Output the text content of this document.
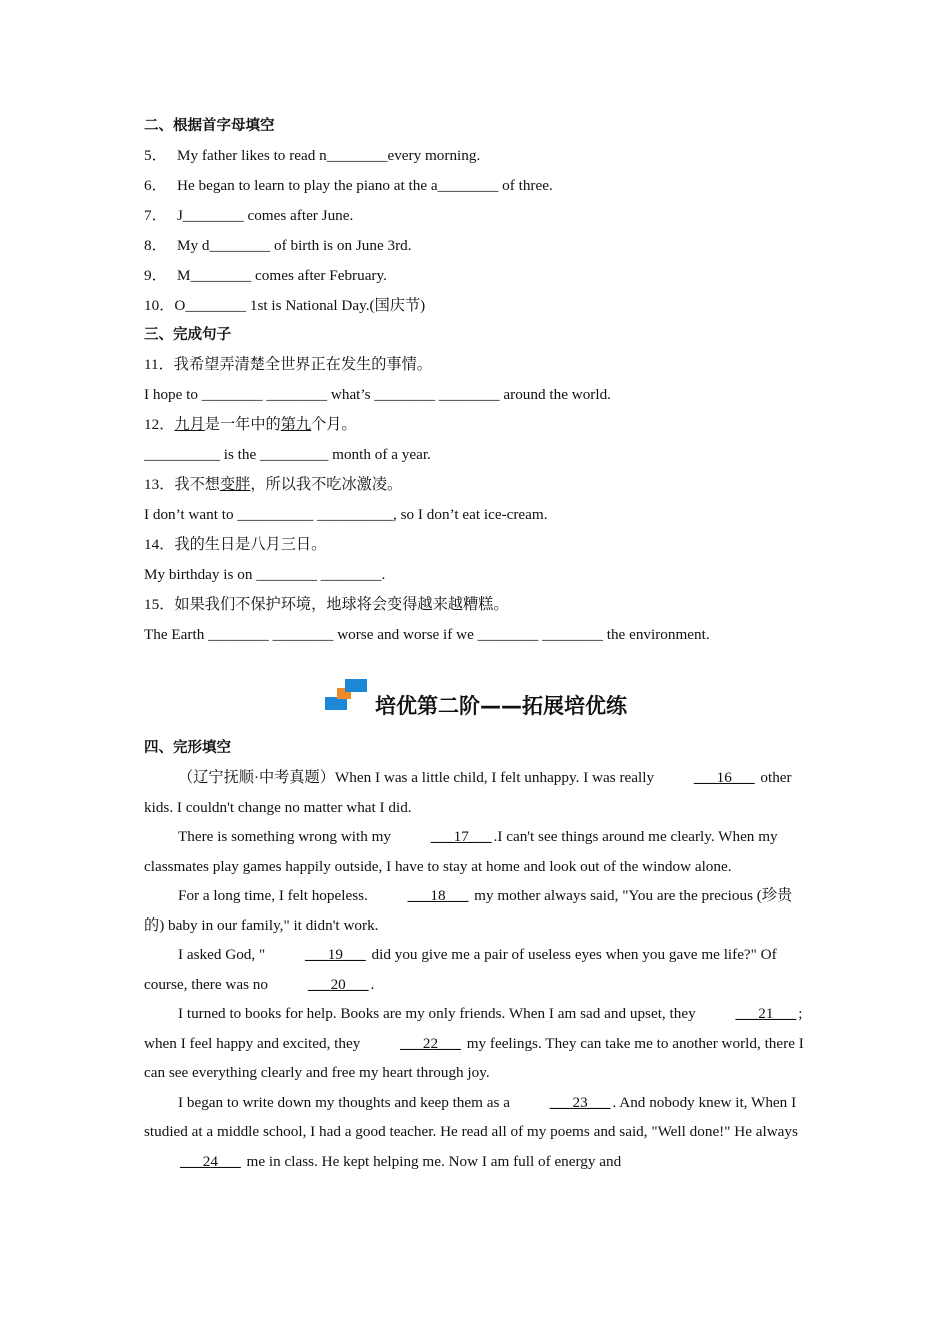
二、根据首字母填空
5． My father likes to read n________every morning.
6． He began to learn to play the piano at the a________ of three.
7． J________ comes after June.
8． My d________ of birth is on June 3rd.
9． M________ comes after February.
10．O________ 1st is National Day.(国庆节)
三、完成句子
11．我希望弄清楚全世界正在发生的事情。
I hope to ________ ________ what’s ________ ________ around the world.
12．九月是一年中的第九个月。
__________ is the _________ month of a year.
13．我不想变胖，所以我不吃冰激凌。
I don’t want to __________ __________, so I don’t eat ice-cream.
14．我的生日是八月三日。
My birthday is on ________ ________.
15．如果我们不保护环境，地球将会变得越来越糟糕。
The Earth ________ ________ worse and worse if we ________ ________ the environment.
培优第二阶——拓展培优练
四、完形填空

（辽宁抚顺·中考真题）When I was a little child, I felt unhappy. I was really ___16___ other kids. I couldn't change no matter what I did.

There is something wrong with my ___17___ .I can't see things around me clearly. When my classmates play games happily outside, I have to stay at home and look out of the window alone.

For a long time, I felt hopeless. ___18___ my mother always said, "You are the precious (珍贵的) baby in our family," it didn't work.

I asked God, " ___19___ did you give me a pair of useless eyes when you gave me life?" Of course, there was no ___20___ .

I turned to books for help. Books are my only friends. When I am sad and upset, they ___21___ ; when I feel happy and excited, they ___22___ my feelings. They can take me to another world, there I can see everything clearly and free my heart through joy.

I began to write down my thoughts and keep them as a ___23___ . And nobody knew it, When I studied at a middle school, I had a good teacher. He read all of my poems and said, "Well done!" He always ___24___ me in class. He kept helping me. Now I am full of energy and
